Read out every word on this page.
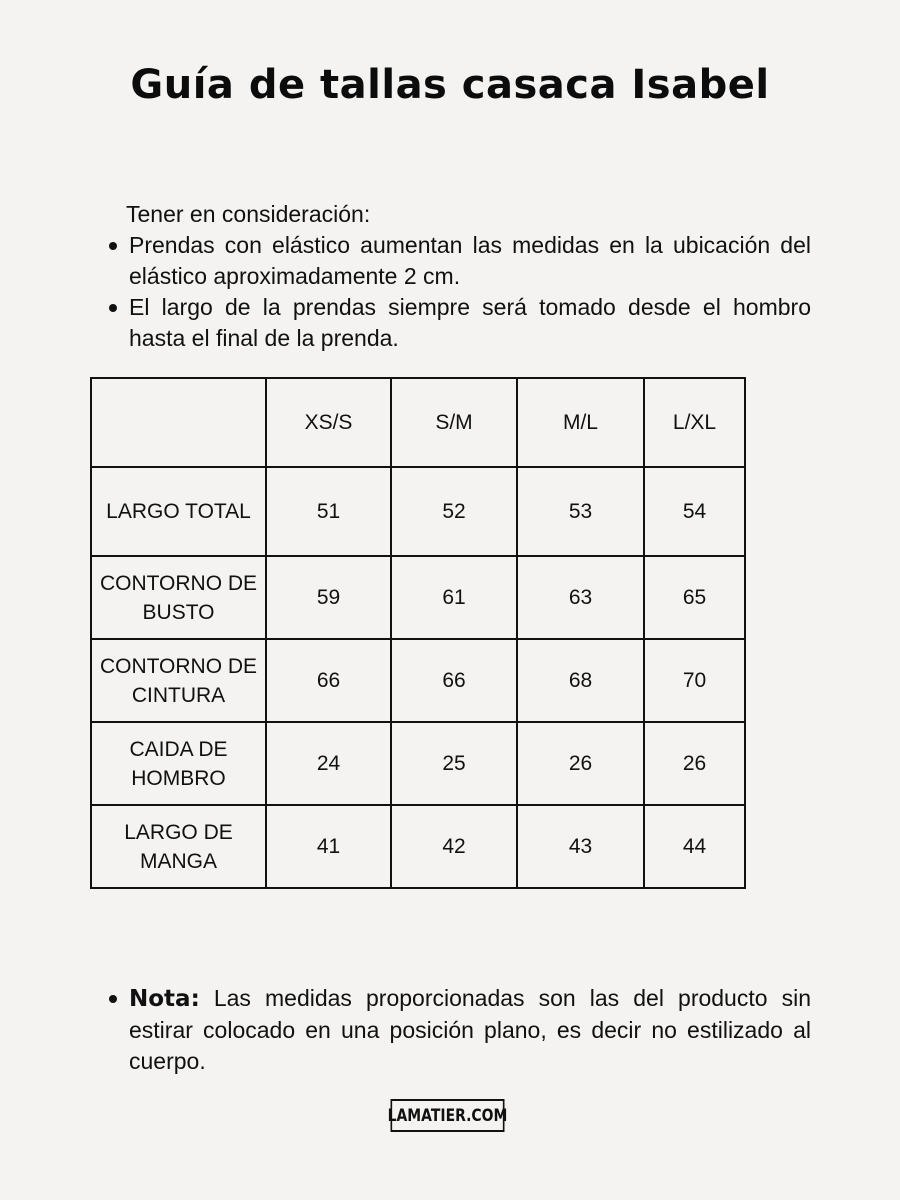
Guía de tallas casaca Isabel
Tener en consideración:
Prendas con elástico aumentan las medidas en la ubicación del elástico aproximadamente 2 cm.
El largo de la prendas siempre será tomado desde el hombro hasta el final de la prenda.
	XS/S	S/M	M/L	L/XL
LARGO TOTAL	51	52	53	54
CONTORNO DE BUSTO	59	61	63	65
CONTORNO DE CINTURA	66	66	68	70
CAIDA DE HOMBRO	24	25	26	26
LARGO DE MANGA	41	42	43	44
Nota: Las medidas proporcionadas son las del producto sin estirar colocado en una posición plano, es decir no estilizado al cuerpo.
LAMATIER.COM
